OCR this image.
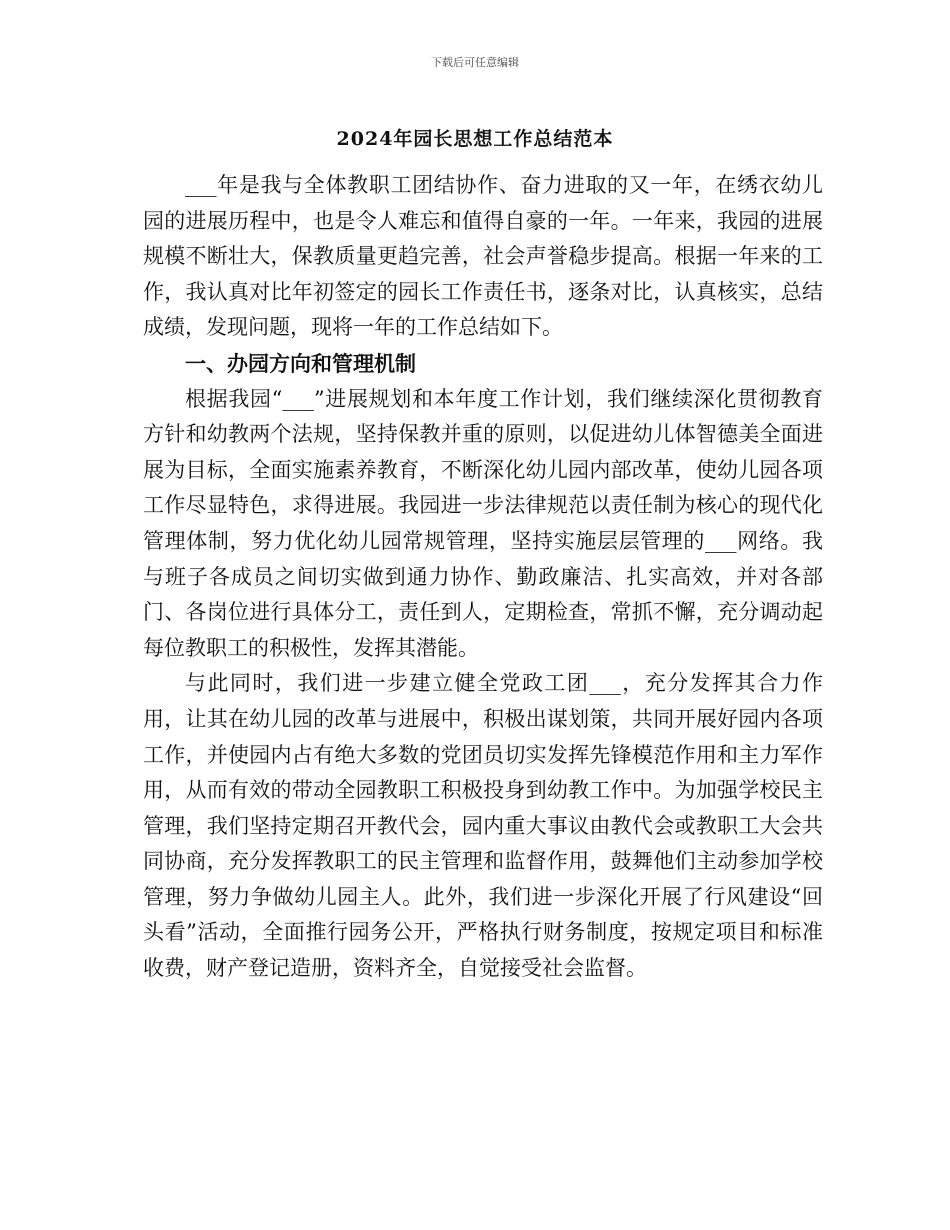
下载后可任意编辑
2024年园长思想工作总结范本

___年是我与全体教职工团结协作、奋力进取的又一年，在绣衣幼儿园的进展历程中，也是令人难忘和值得自豪的一年。一年来，我园的进展规模不断壮大，保教质量更趋完善，社会声誉稳步提高。根据一年来的工作，我认真对比年初签定的园长工作责任书，逐条对比，认真核实，总结成绩，发现问题，现将一年的工作总结如下。

一、办园方向和管理机制

根据我园“___”进展规划和本年度工作计划，我们继续深化贯彻教育方针和幼教两个法规，坚持保教并重的原则，以促进幼儿体智德美全面进展为目标，全面实施素养教育，不断深化幼儿园内部改革，使幼儿园各项工作尽显特色，求得进展。我园进一步法律规范以责任制为核心的现代化管理体制，努力优化幼儿园常规管理，坚持实施层层管理的___网络。我与班子各成员之间切实做到通力协作、勤政廉洁、扎实高效，并对各部门、各岗位进行具体分工，责任到人，定期检查，常抓不懈，充分调动起每位教职工的积极性，发挥其潜能。

与此同时，我们进一步建立健全党政工团___，充分发挥其合力作用，让其在幼儿园的改革与进展中，积极出谋划策，共同开展好园内各项工作，并使园内占有绝大多数的党团员切实发挥先锋模范作用和主力军作用，从而有效的带动全园教职工积极投身到幼教工作中。为加强学校民主管理，我们坚持定期召开教代会，园内重大事议由教代会或教职工大会共同协商，充分发挥教职工的民主管理和监督作用，鼓舞他们主动参加学校管理，努力争做幼儿园主人。此外，我们进一步深化开展了行风建设“回头看”活动，全面推行园务公开，严格执行财务制度，按规定项目和标准收费，财产登记造册，资料齐全，自觉接受社会监督。
